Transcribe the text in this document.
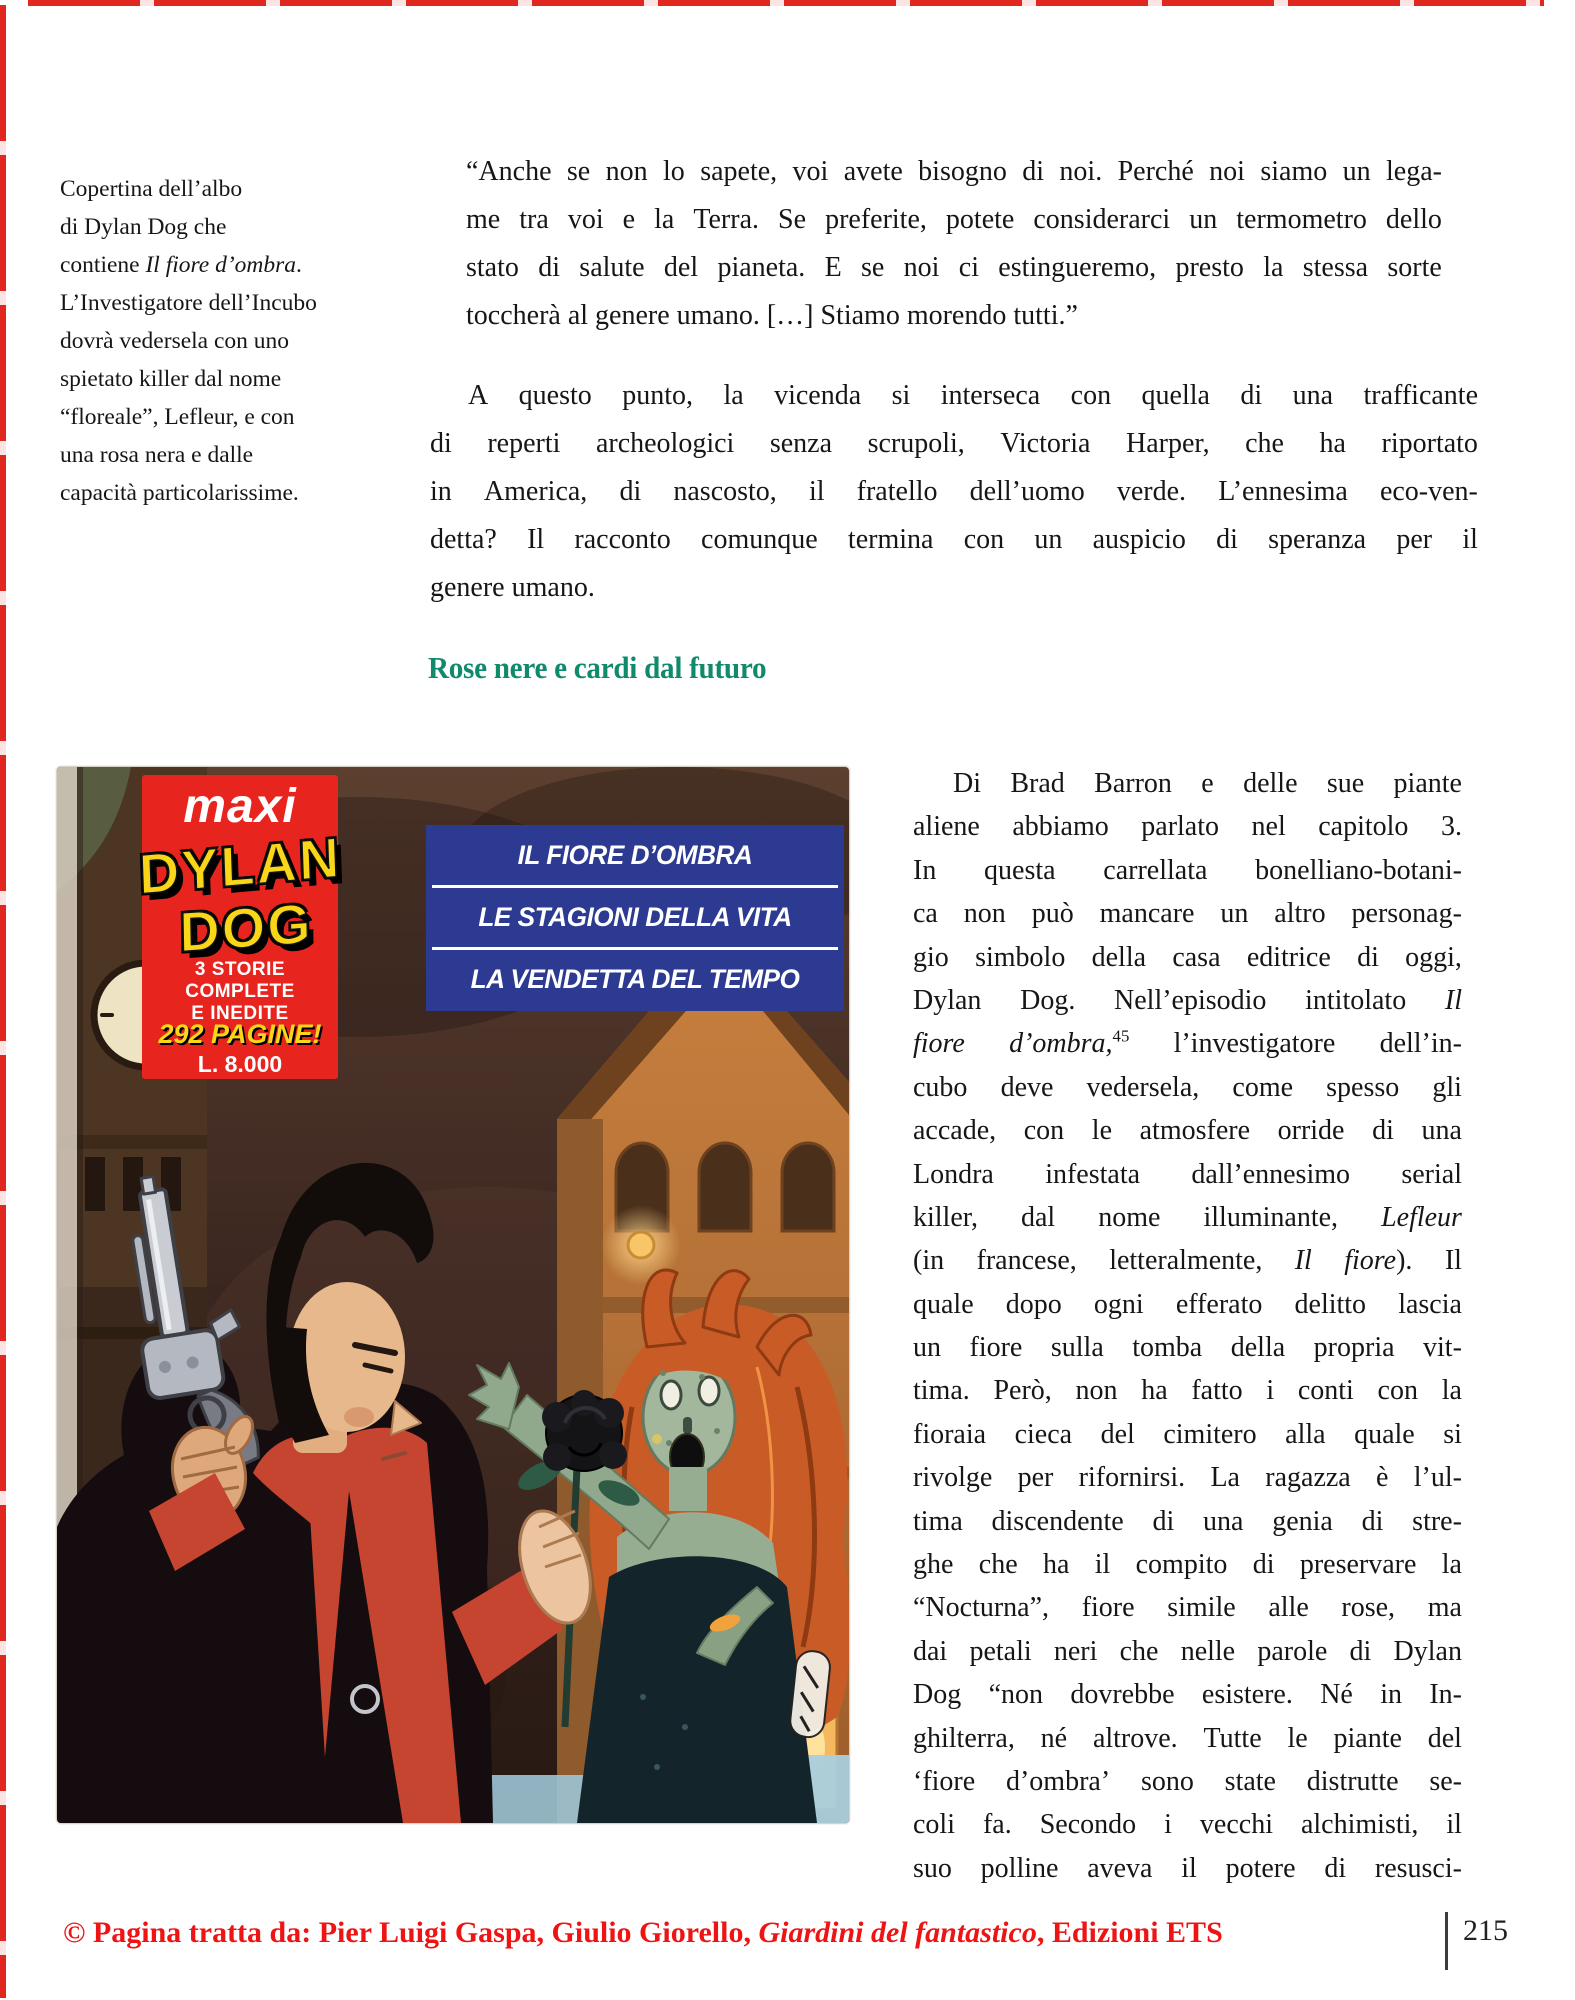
Copertina dell’albo
di Dylan Dog che
contiene Il fiore d’ombra.
L’Investigatore dell’Incubo
dovrà vedersela con uno
spietato killer dal nome
“floreale”, Lefleur, e con
una rosa nera e dalle
capacità particolarissime.
“Anche se non lo sapete, voi avete bisogno di noi. Perché noi siamo un lega-
me tra voi e la Terra. Se preferite, potete considerarci un termometro dello
stato di salute del pianeta. E se noi ci estingueremo, presto la stessa sorte
toccherà al genere umano. […] Stiamo morendo tutti.”
A questo punto, la vicenda si interseca con quella di una trafficante
di reperti archeologici senza scrupoli, Victoria Harper, che ha riportato
in America, di nascosto, il fratello dell’uomo verde. L’ennesima eco-ven-
detta? Il racconto comunque termina con un auspicio di speranza per il
genere umano.
Rose nere e cardi dal futuro
maxi
DYLAN
DOG
3 STORIE
COMPLETE
E INEDITE
292 PAGINE!
L. 8.000
IL FIORE D’OMBRA
LE STAGIONI DELLA VITA
LA VENDETTA DEL TEMPO
Di Brad Barron e delle sue piante
aliene abbiamo parlato nel capitolo 3.
In questa carrellata bonelliano-botani-
ca non può mancare un altro personag-
gio simbolo della casa editrice di oggi,
Dylan Dog. Nell’episodio intitolato Il
fiore d’ombra,$^{45}$ l’investigatore dell’in-
cubo deve vedersela, come spesso gli
accade, con le atmosfere orride di una
Londra infestata dall’ennesimo serial
killer, dal nome illuminante, Lefleur
(in francese, letteralmente, Il fiore). Il
quale dopo ogni efferato delitto lascia
un fiore sulla tomba della propria vit-
tima. Però, non ha fatto i conti con la
fioraia cieca del cimitero alla quale si
rivolge per rifornirsi. La ragazza è l’ul-
tima discendente di una genia di stre-
ghe che ha il compito di preservare la
“Nocturna”, fiore simile alle rose, ma
dai petali neri che nelle parole di Dylan
Dog “non dovrebbe esistere. Né in In-
ghilterra, né altrove. Tutte le piante del
‘fiore d’ombra’ sono state distrutte se-
coli fa. Secondo i vecchi alchimisti, il
suo polline aveva il potere di resusci-
© Pagina tratta da: Pier Luigi Gaspa, Giulio Giorello, Giardini del fantastico, Edizioni ETS	215
